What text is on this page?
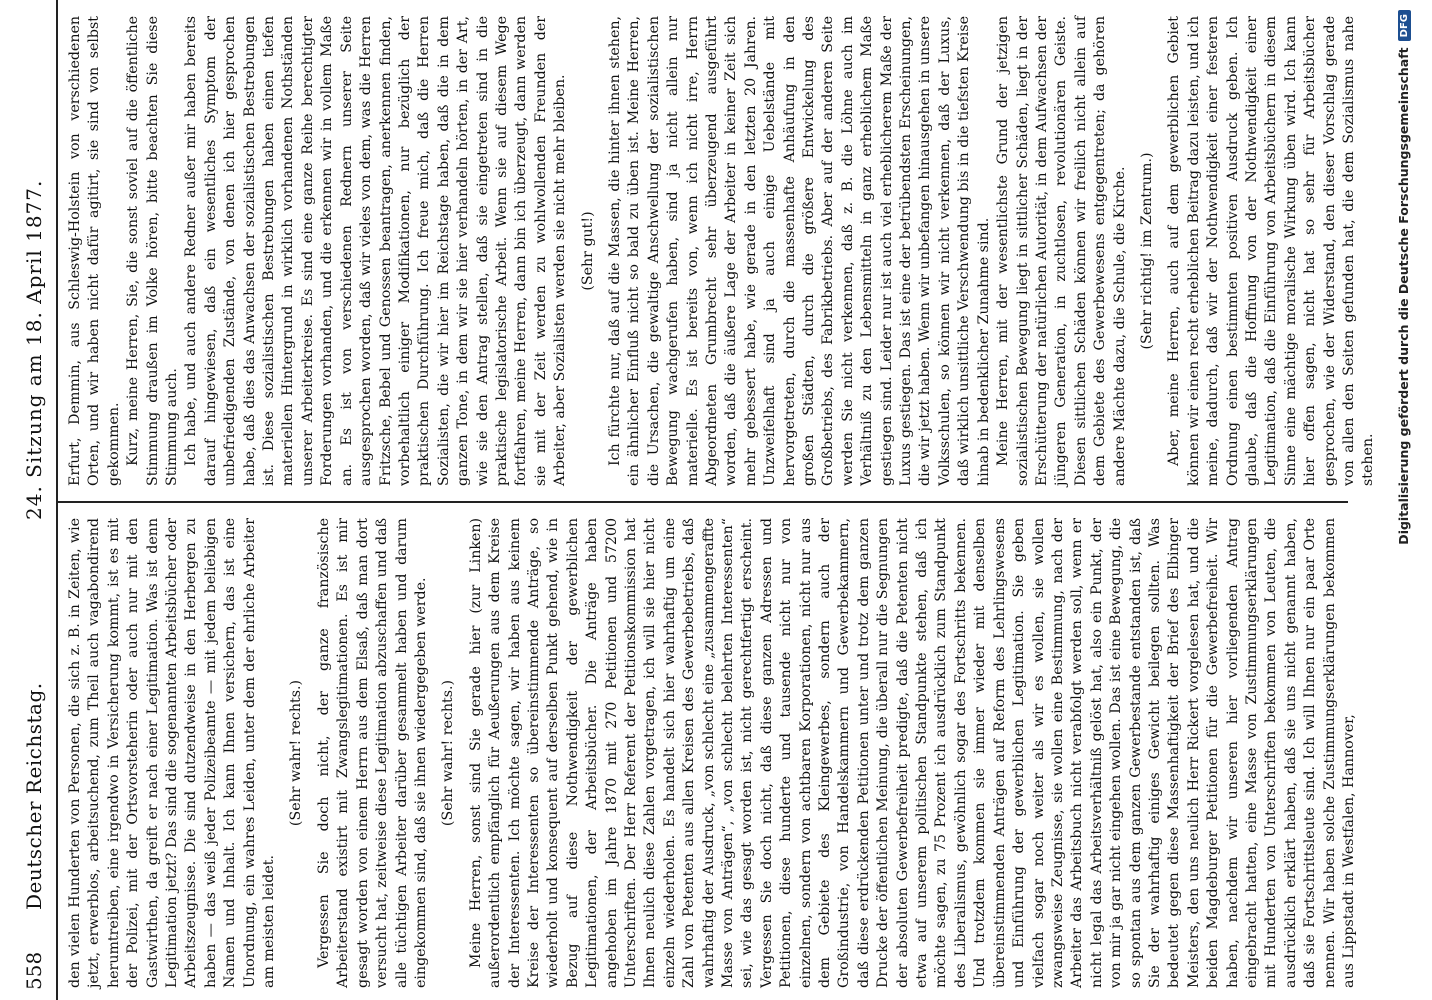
558
Deutscher Reichstag.
24. Sitzung am 18. April 1877.

den vielen Hunderten von Personen, die sich z. B. in Zeiten, wie jetzt, erwerblos, arbeitsuchend, zum Theil auch vagabondirend herumtreiben, eine irgendwo in Versicherung kommt, ist es mit der Polizei, mit der Ortsvorsteherin oder auch nur mit den Gastwirthen, da greift er nach einer Legitimation. Was ist denn Legitimation jetzt? Das sind die sogenannten Arbeitsbücher oder Arbeitszeugnisse. Die sind dutzendweise in den Herbergen zu haben — das weiß jeder Polizeibeamte — mit jedem beliebigen Namen und Inhalt. Ich kann Ihnen versichern, das ist eine Unordnung, ein wahres Leiden, unter dem der ehrliche Arbeiter am meisten leidet.

(Sehr wahr! rechts.) Vergessen Sie doch nicht, der ganze französische Arbeiterstand existirt mit Zwangslegitimationen. Es ist mir gesagt worden von einem Herrn aus dem Elsaß, daß man dort versucht hat, zeitweise diese Legitimation abzuschaffen und daß alle tüchtigen Arbeiter darüber gesammelt haben und darum eingekommen sind, daß sie ihnen wiedergegeben werde. (Sehr wahr! rechts.) Meine Herren, sonst sind Sie gerade hier (zur Linken) außerordentlich empfänglich für Aeußerungen aus dem Kreise der Interessenten. Ich möchte sagen, wir haben aus keinem Kreise der Interessenten so übereinstimmende Anträge, so wiederholt und konsequent auf derselben Punkt gehend, wie in Bezug auf diese Nothwendigkeit der gewerblichen Legitimationen, der Arbeitsbücher. Die Anträge haben angehoben im Jahre 1870 mit 270 Petitionen und 57200 Unterschriften. Der Herr Referent der Petitionskommission hat Ihnen neulich diese Zahlen vorgetragen, ich will sie hier nicht einzeln wiederholen. Es handelt sich hier wahrhaftig um eine Zahl von Petenten aus allen Kreisen des Gewerbebetriebs, daß wahrhaftig der Ausdruck, „von schlecht eine „zusammengeraffte Masse von Anträgen“, „von schlecht belehrten Interessenten“ sei, wie das gesagt worden ist, nicht gerechtfertigt erscheint. Vergessen Sie doch nicht, daß diese ganzen Adressen und Petitionen, diese hunderte und tausende nicht nur von einzelnen, sondern von achtbaren Korporationen, nicht nur aus dem Gebiete des Kleingewerbes, sondern auch der Großindustrie, von Handelskammern und Gewerbekammern, daß diese erdrückenden Petitionen unter und trotz dem ganzen Drucke der öffentlichen Meinung, die überall nur die Segnungen der absoluten Gewerbefreiheit predigte, daß die Petenten nicht etwa auf unserem politischen Standpunkte stehen, daß ich möchte sagen, zu 75 Prozent ich ausdrücklich zum Standpunkt des Liberalismus, gewöhnlich sogar des Fortschritts bekennen. Und trotzdem kommen sie immer wieder mit denselben übereinstimmenden Anträgen auf Reform des Lehrlingswesens und Einführung der gewerblichen Legitimation. Sie geben vielfach sogar noch weiter als wir es wollen, sie wollen zwangsweise Zeugnisse, sie wollen eine Bestimmung, nach der Arbeiter das Arbeitsbuch nicht verabfolgt werden soll, wenn er nicht legal das Arbeitsverhältniß gelöst hat, also ein Punkt, der von mir ja gar nicht eingehen wollen. Das ist eine Bewegung, die so spontan aus dem ganzen Gewerbestande entstanden ist, daß Sie der wahrhaftig einiges Gewicht beilegen sollten. Was bedeutet gegen diese Massenhaftigkeit der Brief des Elbinger Meisters, den uns neulich Herr Rickert vorgelesen hat, und die beiden Magdeburger Petitionen für die Gewerbefreiheit. Wir haben, nachdem wir unseren hier vorliegenden Antrag eingebracht hatten, eine Masse von Zustimmungserklärungen mit Hunderten von Unterschriften bekommen von Leuten, die ausdrücklich erklärt haben, daß sie uns nicht genannt haben, daß sie Fortschrittsleute sind. Ich will Ihnen nur ein paar Orte nennen. Wir haben solche Zustimmungserklärungen bekommen aus Lippstadt in Westfalen, Hannover,

Erfurt, Demmin, aus Schleswig-Holstein von verschiedenen Orten, und wir haben nicht dafür agitirt, sie sind von selbst gekommen. Kurz, meine Herren, Sie, die sonst soviel auf die öffentliche Stimmung draußen im Volke hören, bitte beachten Sie diese Stimmung auch. Ich habe, und auch andere Redner außer mir haben bereits darauf hingewiesen, daß ein wesentliches Symptom der unbefriedigenden Zustände, von denen ich hier gesprochen habe, daß dies das Anwachsen der sozialistischen Bestrebungen ist. Diese sozialistischen Bestrebungen haben einen tiefen materiellen Hintergrund in wirklich vorhandenen Nothständen unserer Arbeiterkreise. Es sind eine ganze Reihe berechtigter Forderungen vorhanden, und die erkennen wir in vollem Maße an. Es ist von verschiedenen Rednern unserer Seite ausgesprochen worden, daß wir vieles von dem, was die Herren Fritzsche, Bebel und Genossen beantragen, anerkennen finden, vorbehaltlich einiger Modifikationen, nur bezüglich der praktischen Durchführung. Ich freue mich, daß die Herren Sozialisten, die wir hier im Reichstage haben, daß die in dem ganzen Tone, in dem wir sie hier verhandeln hörten, in der Art, wie sie den Antrag stellen, daß sie eingetreten sind in die praktische legislatorische Arbeit. Wenn sie auf diesem Wege fortfahren, meine Herren, dann bin ich überzeugt, dann werden sie mit der Zeit werden zu wohlwollenden Freunden der Arbeiter, aber Sozialisten werden sie nicht mehr bleiben. (Sehr gut!) Ich fürchte nur, daß auf die Massen, die hinter ihnen stehen, ein ähnlicher Einfluß nicht so bald zu üben ist. Meine Herren, die Ursachen, die gewaltige Anschwellung der sozialistischen Bewegung wachgerufen haben, sind ja nicht allein nur materielle. Es ist bereits von, wenn ich nicht irre, Herrn Abgeordneten Grumbrecht sehr überzeugend ausgeführt worden, daß die äußere Lage der Arbeiter in keiner Zeit sich mehr gebessert habe, wie gerade in den letzten 20 Jahren. Unzweifelhaft sind ja auch einige Uebelstände mit hervorgetreten, durch die massenhafte Anhäufung in den großen Städten, durch die größere Entwickelung des Großbetriebs, des Fabrikbetriebs. Aber auf der anderen Seite werden Sie nicht verkennen, daß z. B. die Löhne auch im Verhältniß zu den Lebensmitteln in ganz erheblichem Maße gestiegen sind. Leider nur ist auch viel erheblicherem Maße der Luxus gestiegen. Das ist eine der betrübendsten Erscheinungen, die wir jetzt haben. Wenn wir unbefangen hinausgehen in unsere Volksschulen, so können wir nicht verkennen, daß der Luxus, daß wirklich unsittliche Verschwendung bis in die tiefsten Kreise hinab in bedenklicher Zunahme sind. Meine Herren, mit der wesentlichste Grund der jetzigen sozialistischen Bewegung liegt in sittlicher Schäden, liegt in der Erschütterung der natürlichen Autorität, in dem Aufwachsen der jüngeren Generation, in zuchtlosen, revolutionären Geiste. Diesen sittlichen Schäden können wir freilich nicht allein auf dem Gebiete des Gewerbewesens entgegentreten; da gehören andere Mächte dazu, die Schule, die Kirche. (Sehr richtig! im Zentrum.) Aber, meine Herren, auch auf dem gewerblichen Gebiet können wir einen recht erheblichen Beitrag dazu leisten, und ich meine, dadurch, daß wir der Nothwendigkeit einer festeren Ordnung einen bestimmten positiven Ausdruck geben. Ich glaube, daß die Hoffnung von der Nothwendigkeit einer Legitimation, daß die Einführung von Arbeitsbüchern in diesem Sinne eine mächtige moralische Wirkung üben wird. Ich kann hier offen sagen, nicht hat so sehr für Arbeitsbücher gesprochen, wie der Widerstand, den dieser Vorschlag gerade von allen den Seiten gefunden hat, die dem Sozialismus nahe stehen. Digitalisierung gefördert durch die Deutsche ForschungsgemeinschaftDFG
